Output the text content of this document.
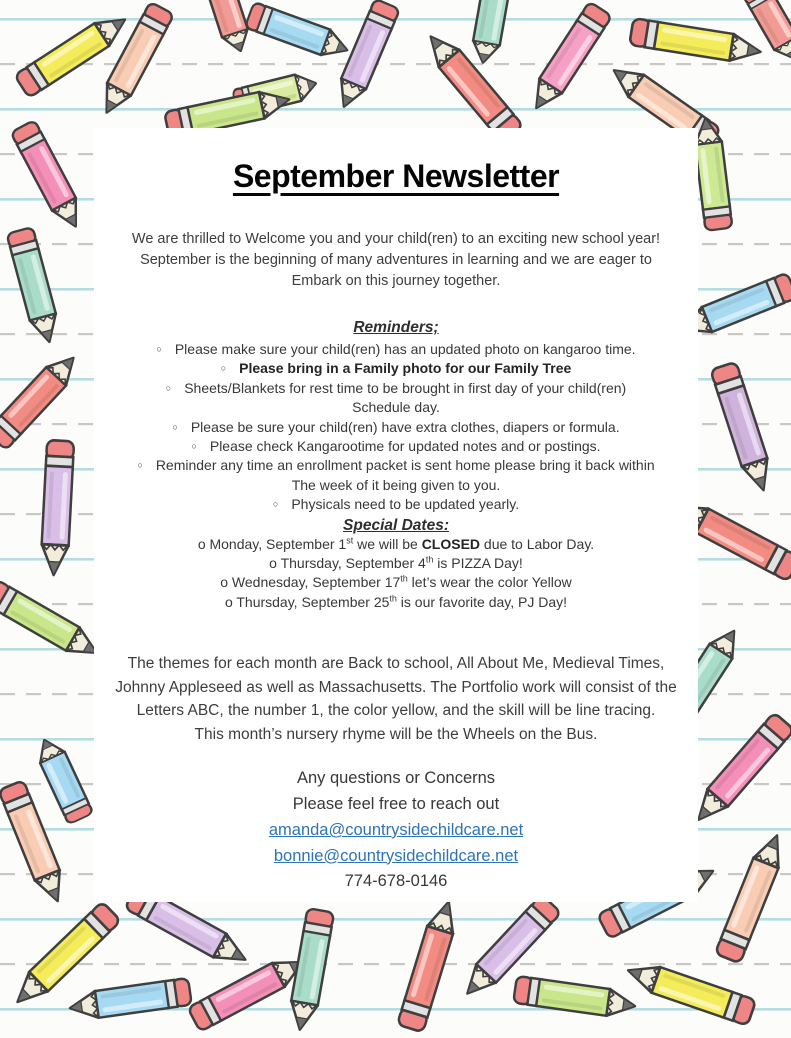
September Newsletter

We are thrilled to Welcome you and your child(ren) to an exciting new school year!
September is the beginning of many adventures in learning and we are eager to
Embark on this journey together.

Reminders;
○ Please make sure your child(ren) has an updated photo on kangaroo time.
○ Please bring in a Family photo for our Family Tree
○ Sheets/Blankets for rest time to be brought in first day of your child(ren)
Schedule day.
○ Please be sure your child(ren) have extra clothes, diapers or formula.
○ Please check Kangarootime for updated notes and or postings.
○ Reminder any time an enrollment packet is sent home please bring it back within
The week of it being given to you.
○ Physicals need to be updated yearly.
Special Dates:
o Monday, September 1st we will be CLOSED due to Labor Day.
o Thursday, September 4th is PIZZA Day!
o Wednesday, September 17th let’s wear the color Yellow
o Thursday, September 25th is our favorite day, PJ Day!

The themes for each month are Back to school, All About Me, Medieval Times,
Johnny Appleseed as well as Massachusetts. The Portfolio work will consist of the
Letters ABC, the number 1, the color yellow, and the skill will be line tracing.
This month’s nursery rhyme will be the Wheels on the Bus.

Any questions or Concerns
Please feel free to reach out
amanda@countrysidechildcare.net
bonnie@countrysidechildcare.net
774-678-0146
